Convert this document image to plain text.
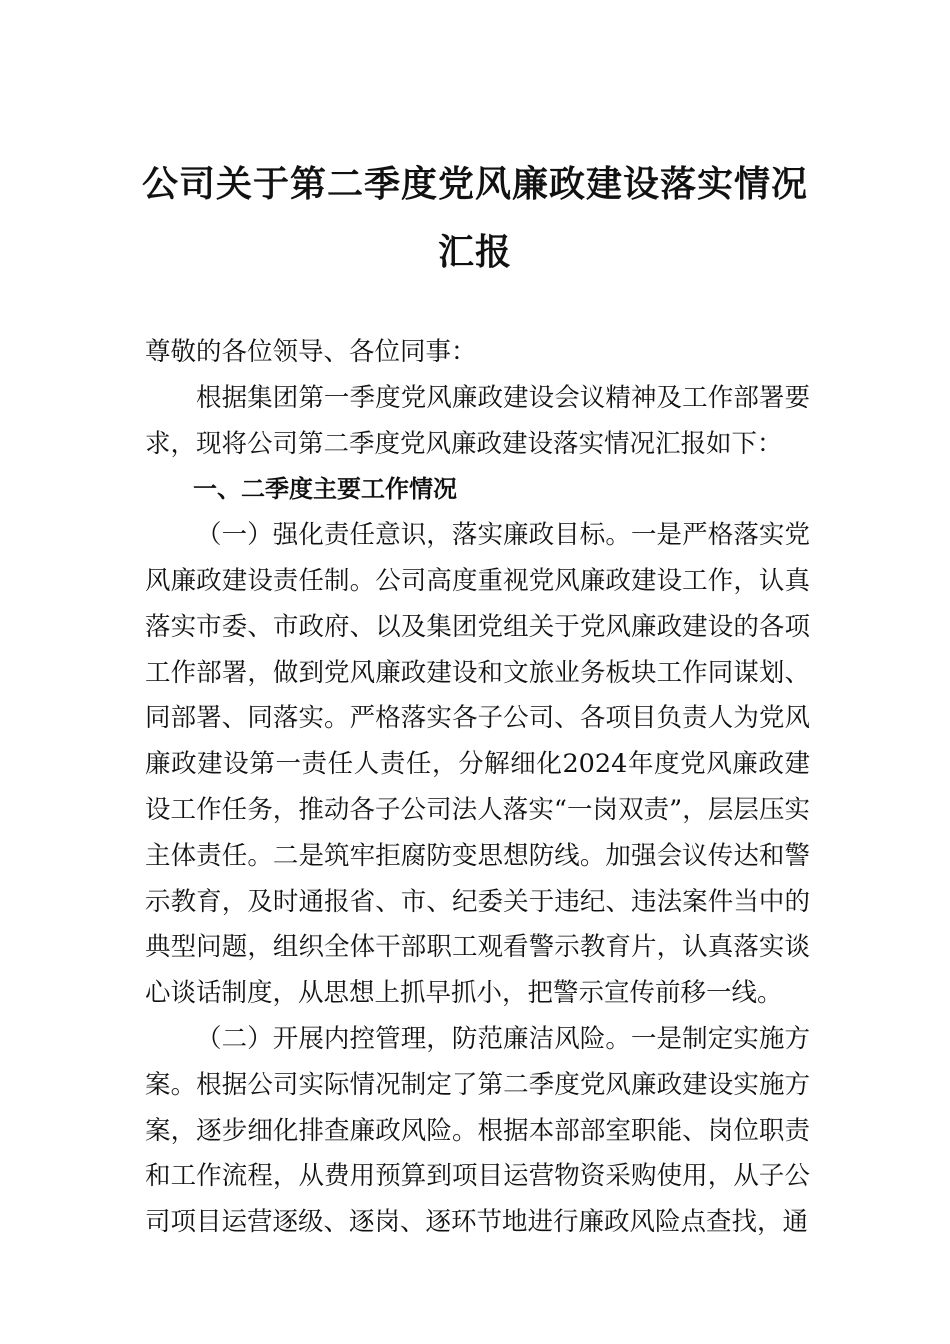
公司关于第二季度党风廉政建设落实情况
汇报

尊敬的各位领导、各位同事：

根据集团第一季度党风廉政建设会议精神及工作部署要求，现将公司第二季度党风廉政建设落实情况汇报如下：

一、二季度主要工作情况

（一）强化责任意识，落实廉政目标。一是严格落实党风廉政建设责任制。公司高度重视党风廉政建设工作，认真落实市委、市政府、以及集团党组关于党风廉政建设的各项工作部署，做到党风廉政建设和文旅业务板块工作同谋划、同部署、同落实。严格落实各子公司、各项目负责人为党风廉政建设第一责任人责任，分解细化2024年度党风廉政建设工作任务，推动各子公司法人落实“一岗双责”，层层压实主体责任。二是筑牢拒腐防变思想防线。加强会议传达和警示教育，及时通报省、市、纪委关于违纪、违法案件当中的典型问题，组织全体干部职工观看警示教育片，认真落实谈心谈话制度，从思想上抓早抓小，把警示宣传前移一线。

（二）开展内控管理，防范廉洁风险。一是制定实施方案。根据公司实际情况制定了第二季度党风廉政建设实施方案，逐步细化排查廉政风险。根据本部部室职能、岗位职责和工作流程，从费用预算到项目运营物资采购使用，从子公司项目运营逐级、逐岗、逐环节地进行廉政风险点查找，通
